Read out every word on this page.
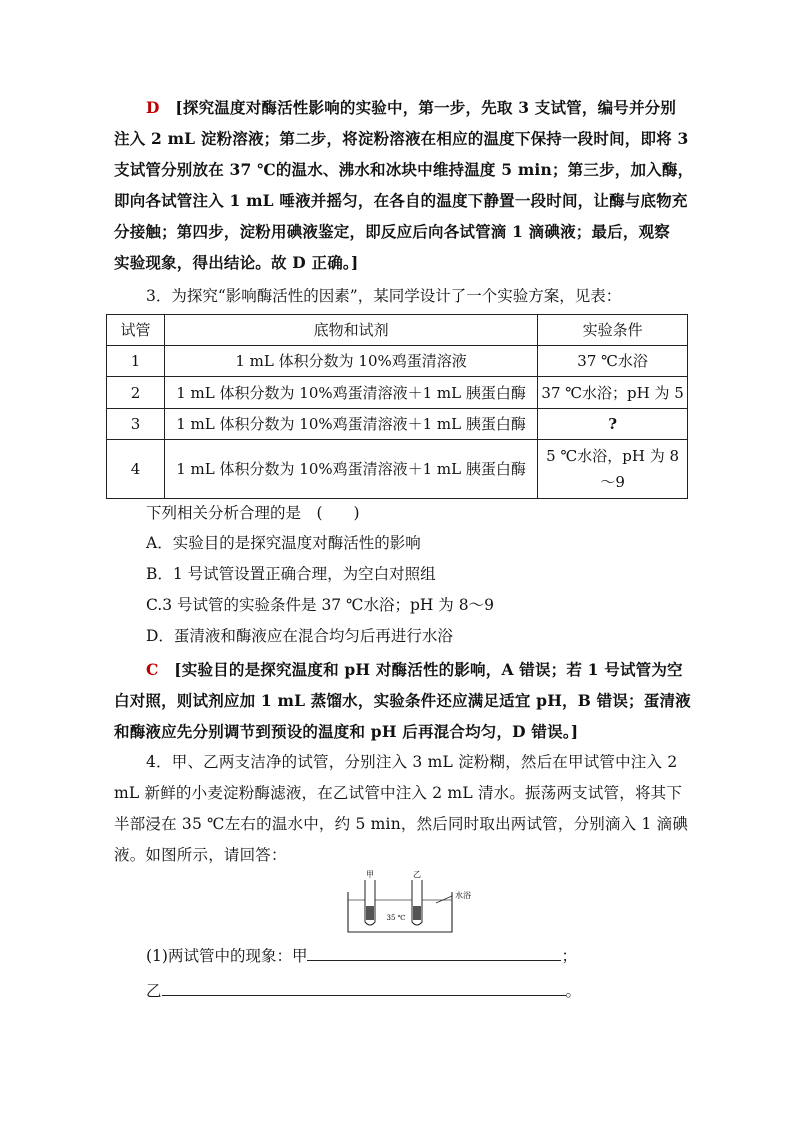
D　 [探究温度对酶活性影响的实验中，第一步，先取 3 支试管，编号并分别
注入 2 mL 淀粉溶液；第二步，将淀粉溶液在相应的温度下保持一段时间，即将 3
支试管分别放在 37 ℃的温水、沸水和冰块中维持温度 5 min；第三步，加入酶，
即向各试管注入 1 mL 唾液并摇匀，在各自的温度下静置一段时间，让酶与底物充
分接触；第四步，淀粉用碘液鉴定，即反应后向各试管滴 1 滴碘液；最后，观察
实验现象，得出结论。故 D 正确。]
3．为探究“影响酶活性的因素”，某同学设计了一个实验方案，见表：
试管	底物和试剂	实验条件
1	1 mL 体积分数为 10%鸡蛋清溶液	37 ℃水浴
2	1 mL 体积分数为 10%鸡蛋清溶液＋1 mL 胰蛋白酶	37 ℃水浴；pH 为 5
3	1 mL 体积分数为 10%鸡蛋清溶液＋1 mL 胰蛋白酶	?
4	1 mL 体积分数为 10%鸡蛋清溶液＋1 mL 胰蛋白酶	5 ℃水浴，pH 为 8～9
下列相关分析合理的是　(　　)
A．实验目的是探究温度对酶活性的影响
B．1 号试管设置正确合理，为空白对照组
C.3 号试管的实验条件是 37 ℃水浴；pH 为 8～9
D．蛋清液和酶液应在混合均匀后再进行水浴
C　 [实验目的是探究温度和 pH 对酶活性的影响，A 错误；若 1 号试管为空
白对照，则试剂应加 1 mL 蒸馏水，实验条件还应满足适宜 pH，B 错误；蛋清液
和酶液应先分别调节到预设的温度和 pH 后再混合均匀，D 错误。]
4．甲、乙两支洁净的试管，分别注入 3 mL 淀粉糊，然后在甲试管中注入 2
mL 新鲜的小麦淀粉酶滤液，在乙试管中注入 2 mL 清水。振荡两支试管，将其下
半部浸在 35 ℃左右的温水中，约 5 min，然后同时取出两试管，分别滴入 1 滴碘
液。如图所示，请回答：
甲	乙
35 ℃
水浴
(1)两试管中的现象：甲	；
乙	。
